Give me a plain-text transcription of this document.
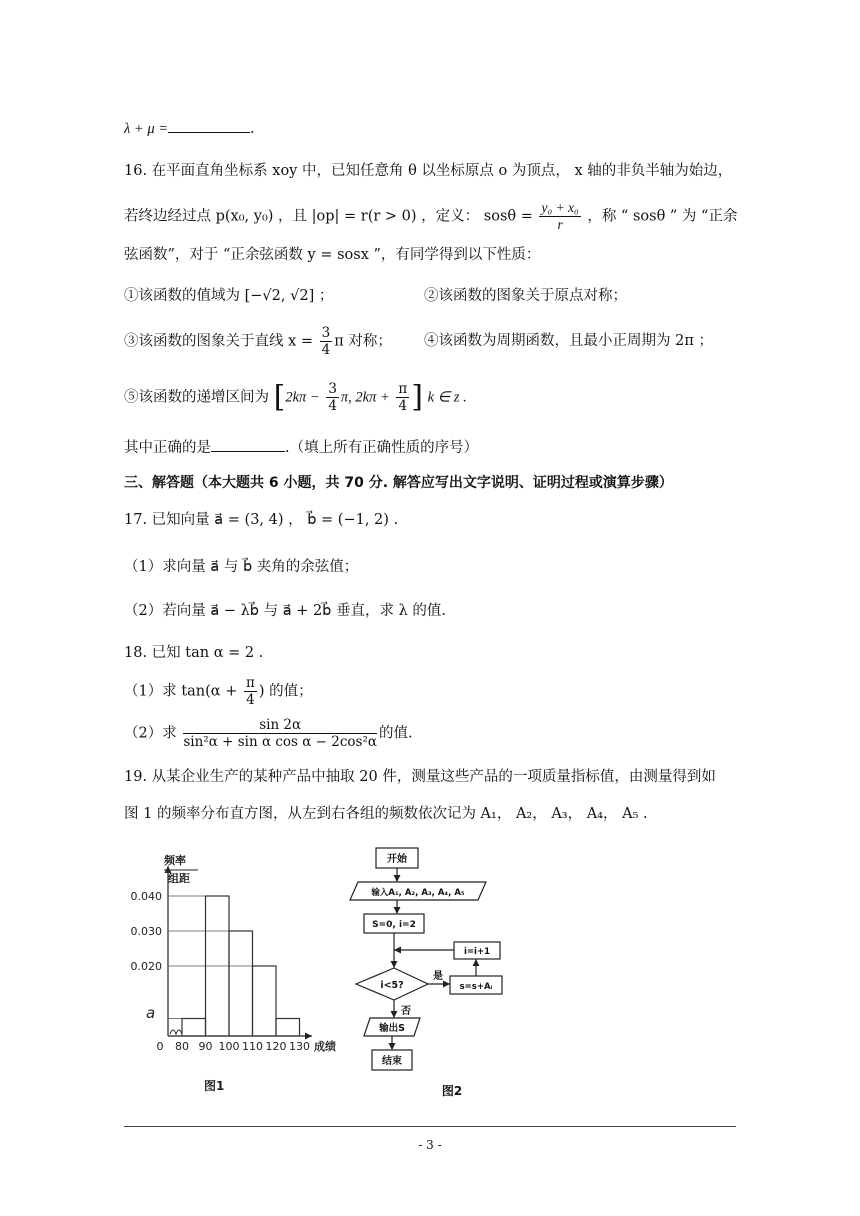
λ + μ =	.
16. 在平面直角坐标系 xoy 中，已知任意角 θ 以坐标原点 o 为顶点， x 轴的非负半轴为始边，
若终边经过点 p(x₀, y₀) ，且 |op| = r(r > 0) ，定义： $sos\theta = \frac{\text{y₀ + x₀}}{r}$ ，称 “ sosθ ” 为 “正余
弦函数”，对于 “正余弦函数 y = sosx ”，有同学得到以下性质：
①该函数的值域为 [−√2, √2] ；	②该函数的图象关于原点对称；
③该函数的图象关于直线 $x = \frac{3}{4}$ π 对称； ④该函数为周期函数，且最小正周期为 2π ；
⑤该函数的递增区间为 [$2k\pi - \frac{3}{4} \pi$, $2k\pi + \frac{\pi}{4}$ ] k ∈ z .
其中正确的是	.（填上所有正确性质的序号）
三、解答题（本大题共 6 小题，共 70 分. 解答应写出文字说明、证明过程或演算步骤）
17. 已知向量 a⃗ = (3, 4) ， b⃗ = (−1, 2) .
（1）求向量 a⃗ 与 b⃗ 夹角的余弦值；
（2）若向量 a⃗ − λb⃗ 与 a⃗ + 2b⃗ 垂直，求 λ 的值.
18. 已知 tan α = 2 .
（1）求 $\tan(\alpha + \frac{\pi}{4}$ ) 的值；
（2）求 $\frac{\sin 2\alpha}{\text{sin²α + sin α cos α − 2cos²α}}$ 的值.
19. 从某企业生产的某种产品中抽取 20 件，测量这些产品的一项质量指标值，由测量得到如
图 1 的频率分布直方图，从左到右各组的频数依次记为 A₁， A₂， A₃， A₄， A₅ .
频率
组距
0.040
0.030
0.020
a
0 80 90 100 110 120 130 成绩
图1
开始
输入A₁, A₂, A₃, A₄, A₅
S=0, i=2
i=i+1
i<5?
是
s=s+Aᵢ
否
输出S
结束
图2
- 3 -
